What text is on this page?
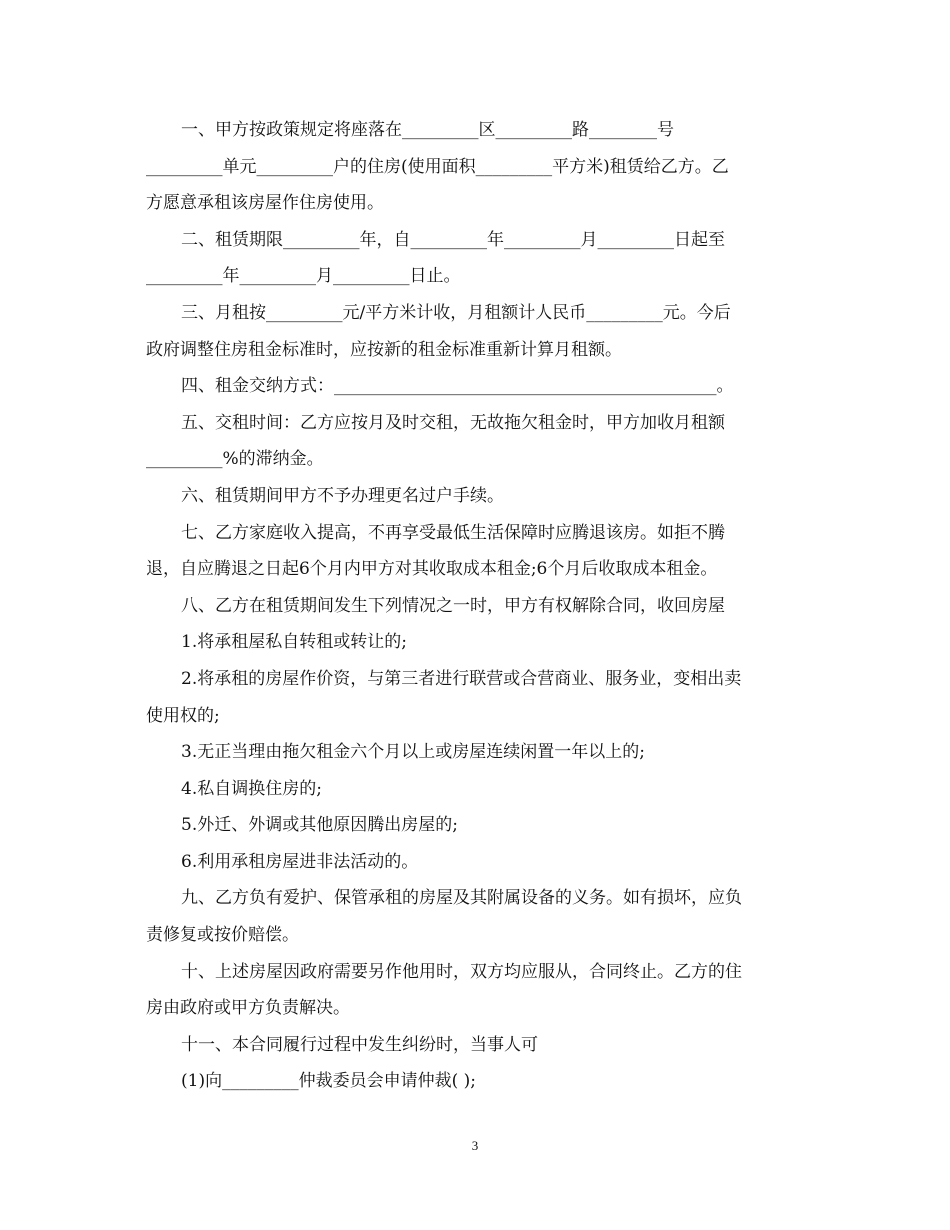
一、甲方按政策规定将座落在_________区_________路________号
_________单元_________户的住房(使用面积_________平方米)租赁给乙方。乙
方愿意承租该房屋作住房使用。
二、租赁期限_________年，自_________年_________月_________日起至
_________年_________月_________日止。
三、月租按_________元/平方米计收，月租额计人民币_________元。今后
政府调整住房租金标准时，应按新的租金标准重新计算月租额。
四、租金交纳方式：_____________________________________________。
五、交租时间：乙方应按月及时交租，无故拖欠租金时，甲方加收月租额
_________%的滞纳金。
六、租赁期间甲方不予办理更名过户手续。
七、乙方家庭收入提高，不再享受最低生活保障时应腾退该房。如拒不腾
退，自应腾退之日起6个月内甲方对其收取成本租金;6个月后收取成本租金。
八、乙方在租赁期间发生下列情况之一时，甲方有权解除合同，收回房屋
1.将承租屋私自转租或转让的;
2.将承租的房屋作价资，与第三者进行联营或合营商业、服务业，变相出卖
使用权的;
3.无正当理由拖欠租金六个月以上或房屋连续闲置一年以上的;
4.私自调换住房的;
5.外迁、外调或其他原因腾出房屋的;
6.利用承租房屋进非法活动的。
九、乙方负有爱护、保管承租的房屋及其附属设备的义务。如有损坏，应负
责修复或按价赔偿。
十、上述房屋因政府需要另作他用时，双方均应服从，合同终止。乙方的住
房由政府或甲方负责解决。
十一、本合同履行过程中发生纠纷时，当事人可
(1)向_________仲裁委员会申请仲裁( );
3
